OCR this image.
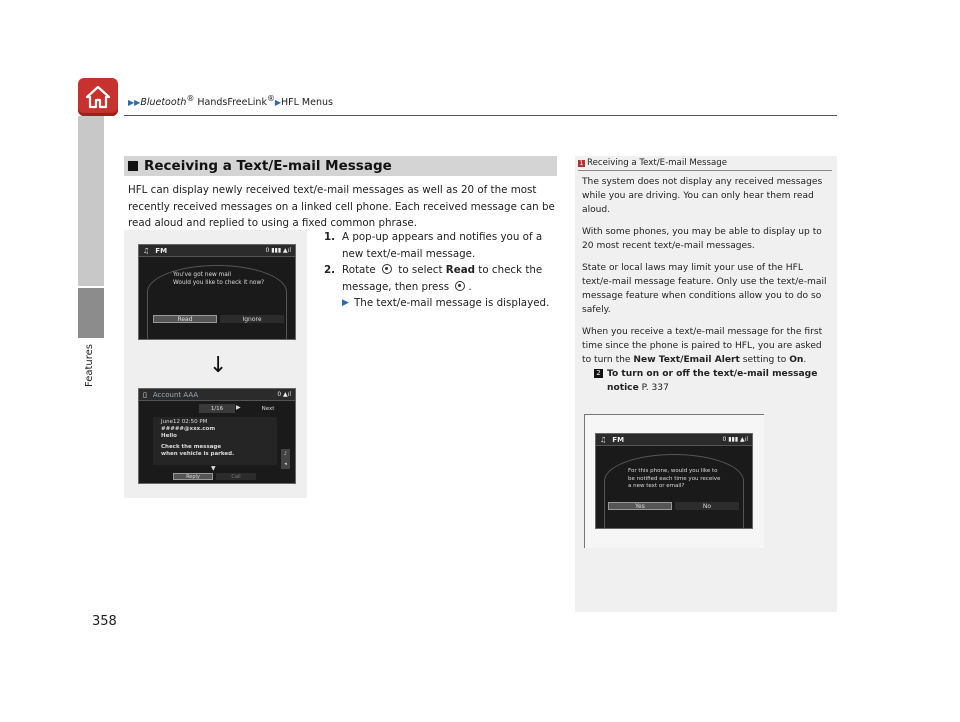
▶▶Bluetooth® HandsFreeLink®▶HFL Menus
Features
Receiving a Text/E-mail Message
HFL can display newly received text/e-mail messages as well as 20 of the most recently received messages on a linked cell phone. Each received message can be read aloud and replied to using a fixed common phrase.
1. A pop-up appears and notifies you of a new text/e-mail message.
2. Rotate to select Read to check the message, then press .
▶ The text/e-mail message is displayed.
♫ FM	0 ▮▮▮ ▲ıl
You've got new mail
Would you like to check it now?
Read	Ignore
↓
▯ Account AAA	0 ▲ıl
1/16	▶	Next
June12 02:50 PM
#####@xxx.com
Hello
Check the message
when vehicle is parked.	♪
◂
Reply	Call
▼
358
1 Receiving a Text/E-mail Message

The system does not display any received messages while you are driving. You can only hear them read aloud.

With some phones, you may be able to display up to 20 most recent text/e-mail messages.

State or local laws may limit your use of the HFL text/e-mail message feature. Only use the text/e-mail message feature when conditions allow you to do so safely.

When you receive a text/e-mail message for the first time since the phone is paired to HFL, you are asked to turn the New Text/Email Alert setting to On.

2 To turn on or off the text/e-mail message notice P. 337
♫ FM	0 ▮▮▮ ▲ıl
For this phone, would you like to
be notified each time you receive
a new text or email?
Yes	No
